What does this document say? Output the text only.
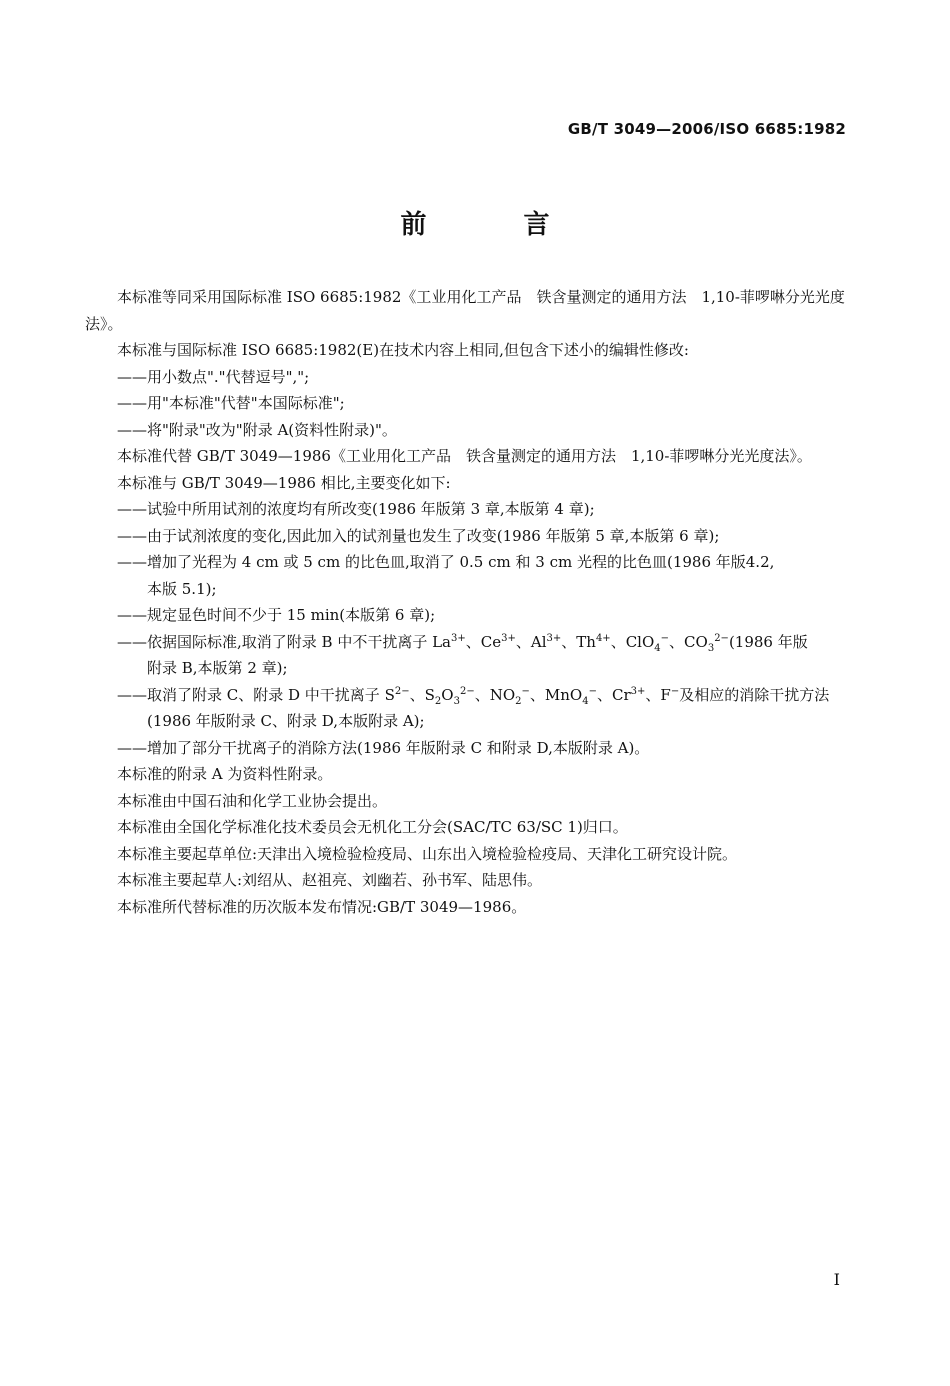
GB/T 3049—2006/ISO 6685:1982
前 言

本标准等同采用国际标准 ISO 6685:1982《工业用化工产品　铁含量测定的通用方法　1,10-菲啰啉分光光度法》。

本标准与国际标准 ISO 6685:1982(E)在技术内容上相同,但包含下述小的编辑性修改:

——用小数点"."代替逗号",";

——用"本标准"代替"本国际标准";

——将"附录"改为"附录 A(资料性附录)"。

本标准代替 GB/T 3049—1986《工业用化工产品　铁含量测定的通用方法　1,10-菲啰啉分光光度法》。

本标准与 GB/T 3049—1986 相比,主要变化如下:

——试验中所用试剂的浓度均有所改变(1986 年版第 3 章,本版第 4 章);

——由于试剂浓度的变化,因此加入的试剂量也发生了改变(1986 年版第 5 章,本版第 6 章);

——增加了光程为 4 cm 或 5 cm 的比色皿,取消了 0.5 cm 和 3 cm 光程的比色皿(1986 年版4.2,
本版 5.1);

——规定显色时间不少于 15 min(本版第 6 章);

——依据国际标准,取消了附录 B 中不干扰离子 $La^{3+}$、$Ce^{3+}$、$Al^{3+}$、$Th^{4+}$、ClO$_4$−、$CO_3^{2-}(1986$ 年版
附录 B,本版第 2 章);

——取消了附录 C、附录 D 中干扰离子 $S^{2-}$、$S_2O_3^{2-}$、$NO_2^-$、MnO$_4$−、$Cr^{3+}$、F−及相应的消除干扰方法
(1986 年版附录 C、附录 D,本版附录 A);

——增加了部分干扰离子的消除方法(1986 年版附录 C 和附录 D,本版附录 A)。

本标准的附录 A 为资料性附录。

本标准由中国石油和化学工业协会提出。

本标准由全国化学标准化技术委员会无机化工分会(SAC/TC 63/SC 1)归口。

本标准主要起草单位:天津出入境检验检疫局、山东出入境检验检疫局、天津化工研究设计院。

本标准主要起草人:刘绍从、赵祖亮、刘幽若、孙书军、陆思伟。

本标准所代替标准的历次版本发布情况:GB/T 3049—1986。

I
